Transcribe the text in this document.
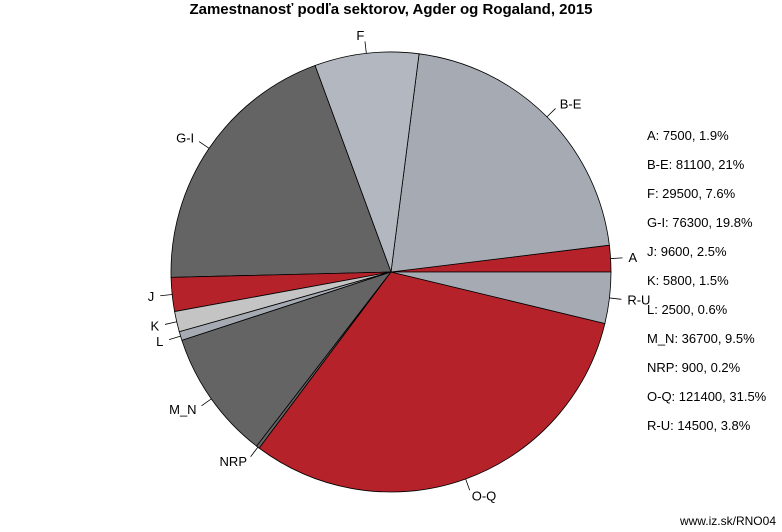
Zamestnanosť podľa sektorov, Agder og Rogaland, 2015
A
B-E
F
G-I
J
K
L
M_N
NRP
O-Q
R-U
A: 7500, 1.9%
B-E: 81100, 21%
F: 29500, 7.6%
G-I: 76300, 19.8%
J: 9600, 2.5%
K: 5800, 1.5%
L: 2500, 0.6%
M_N: 36700, 9.5%
NRP: 900, 0.2%
O-Q: 121400, 31.5%
R-U: 14500, 3.8%
www.iz.sk/RNO04
